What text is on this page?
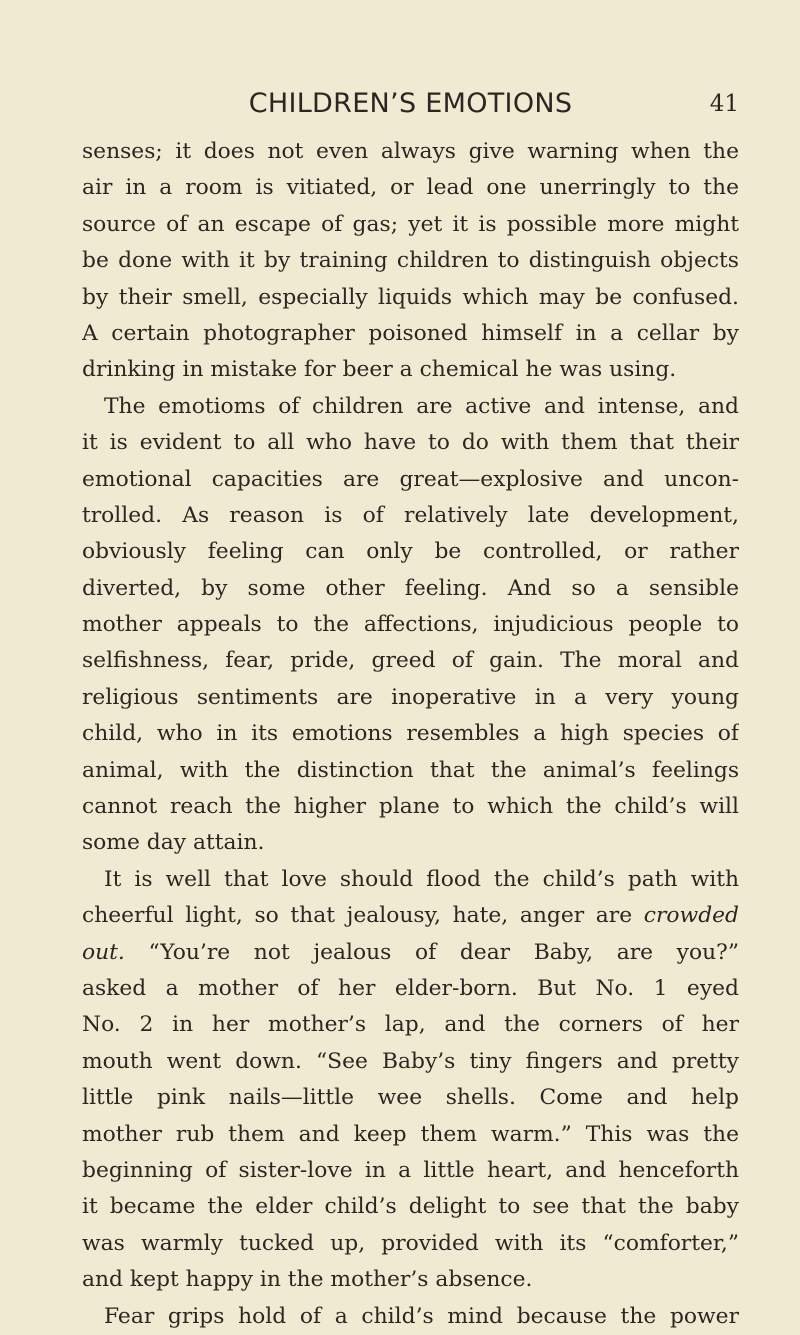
CHILDREN’S EMOTIONS	41
senses; it does not even always give warning when the
air in a room is vitiated, or lead one unerringly to the
source of an escape of gas; yet it is possible more might
be done with it by training children to distinguish objects
by their smell, especially liquids which may be confused.
A certain photographer poisoned himself in a cellar by
drinking in mistake for beer a chemical he was using.
The emotioms of children are active and intense, and
it is evident to all who have to do with them that their
emotional capacities are great—explosive and uncon-
trolled. As reason is of relatively late development,
obviously feeling can only be controlled, or rather
diverted, by some other feeling. And so a sensible
mother appeals to the affections, injudicious people to
selfishness, fear, pride, greed of gain. The moral and
religious sentiments are inoperative in a very young
child, who in its emotions resembles a high species of
animal, with the distinction that the animal’s feelings
cannot reach the higher plane to which the child’s will
some day attain.
It is well that love should flood the child’s path with
cheerful light, so that jealousy, hate, anger are crowded
out. “You’re not jealous of dear Baby, are you?”
asked a mother of her elder-born. But No. 1 eyed
No. 2 in her mother’s lap, and the corners of her
mouth went down. “See Baby’s tiny fingers and pretty
little pink nails—little wee shells. Come and help
mother rub them and keep them warm.” This was the
beginning of sister-love in a little heart, and henceforth
it became the elder child’s delight to see that the baby
was warmly tucked up, provided with its “comforter,”
and kept happy in the mother’s absence.
Fear grips hold of a child’s mind because the power
